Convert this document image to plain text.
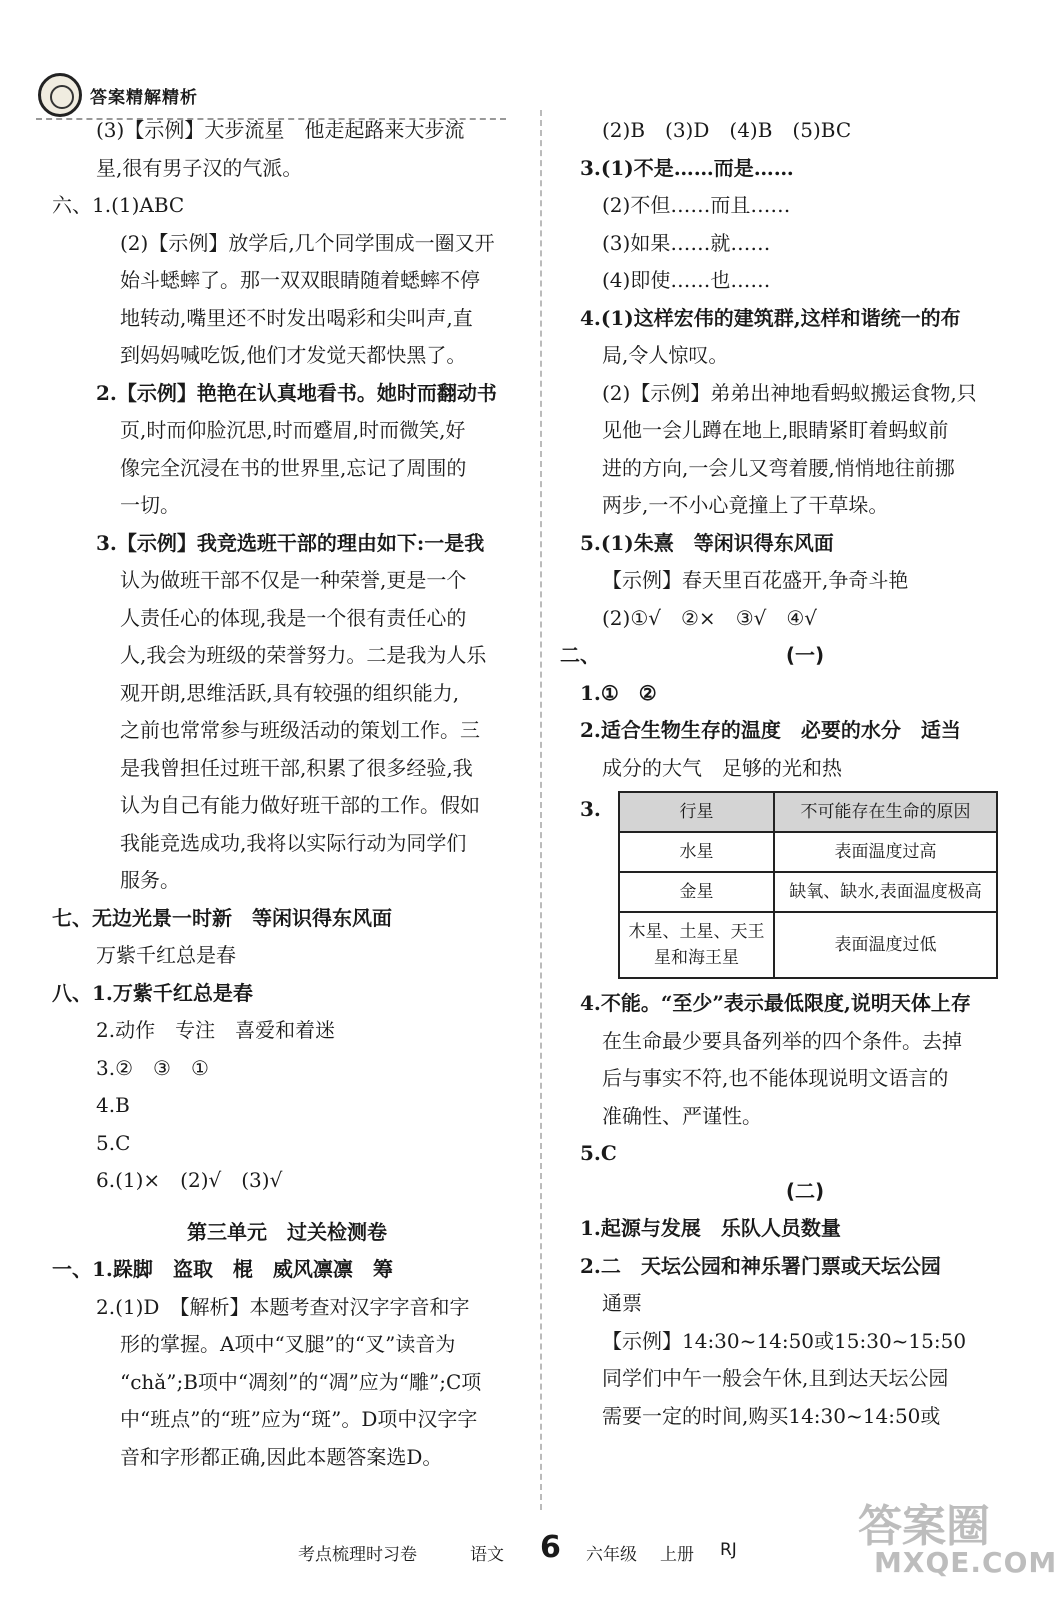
答案精解精析
(3)【示例】大步流星　他走起路来大步流
星,很有男子汉的气派。
六、1.(1)ABC
(2)【示例】放学后,几个同学围成一圈又开
始斗蟋蟀了。那一双双眼睛随着蟋蟀不停
地转动,嘴里还不时发出喝彩和尖叫声,直
到妈妈喊吃饭,他们才发觉天都快黑了。
2.【示例】艳艳在认真地看书。她时而翻动书
页,时而仰脸沉思,时而蹙眉,时而微笑,好
像完全沉浸在书的世界里,忘记了周围的
一切。
3.【示例】我竞选班干部的理由如下:一是我
认为做班干部不仅是一种荣誉,更是一个
人责任心的体现,我是一个很有责任心的
人,我会为班级的荣誉努力。二是我为人乐
观开朗,思维活跃,具有较强的组织能力,
之前也常常参与班级活动的策划工作。三
是我曾担任过班干部,积累了很多经验,我
认为自己有能力做好班干部的工作。假如
我能竞选成功,我将以实际行动为同学们
服务。
七、无边光景一时新　等闲识得东风面
万紫千红总是春
八、1.万紫千红总是春
2.动作　专注　喜爱和着迷
3.②　③　①
4.B
5.C
6.(1)×　(2)√　(3)√
第三单元　过关检测卷
一、1.跺脚　盗取　棍　威风凛凛　筹
2.(1)D　【解析】本题考查对汉字字音和字
形的掌握。A项中“叉腿”的“叉”读音为
“chǎ”;B项中“凋刻”的“凋”应为“雕”;C项
中“班点”的“班”应为“斑”。D项中汉字字
音和字形都正确,因此本题答案选D。
(2)B　(3)D　(4)B　(5)BC
3.(1)不是……而是……
(2)不但……而且……
(3)如果……就……
(4)即使……也……
4.(1)这样宏伟的建筑群,这样和谐统一的布
局,令人惊叹。
(2)【示例】弟弟出神地看蚂蚁搬运食物,只
见他一会儿蹲在地上,眼睛紧盯着蚂蚁前
进的方向,一会儿又弯着腰,悄悄地往前挪
两步,一不小心竟撞上了干草垛。
5.(1)朱熹　等闲识得东风面
【示例】春天里百花盛开,争奇斗艳
(2)①√　②×　③√　④√
二、	(一)
1.①　②
2.适合生物生存的温度　必要的水分　适当
成分的大气　足够的光和热
3.	行星	不可能存在生命的原因
水星	表面温度过高
金星	缺氧、缺水,表面温度极高
木星、土星、天王星和海王星	表面温度过低
4.不能。“至少”表示最低限度,说明天体上存
在生命最少要具备列举的四个条件。去掉
后与事实不符,也不能体现说明文语言的
准确性、严谨性。
5.C
(二)
1.起源与发展　乐队人员数量
2.二　天坛公园和神乐署门票或天坛公园
通票
【示例】14:30~14:50或15:30~15:50
同学们中午一般会午休,且到达天坛公园
需要一定的时间,购买14:30~14:50或
考点梳理时习卷	语文 6 六年级 上册 RJ	答案圈
MXQE.COM
